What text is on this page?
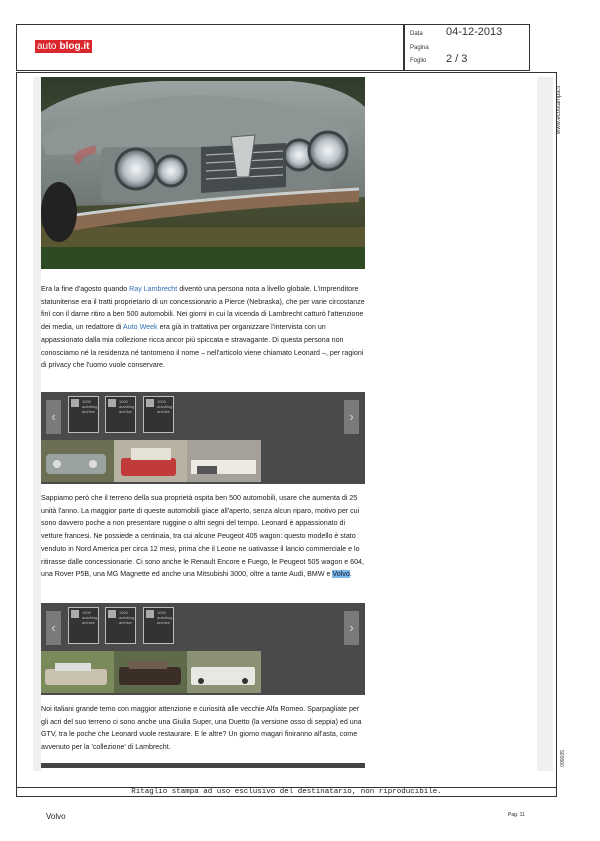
auto blog.it
Data 04-12-2013
Pagina
Foglio 2 / 3
www.ecostampa.it
099035
Era la fine d'agosto quando Ray Lambrecht diventò una persona nota a livello globale. L'imprenditore statunitense era il tratti proprietario di un concessionario a Pierce (Nebraska), che per varie circostanze finì con il darne ritiro a ben 500 automobili. Nei giorni in cui la vicenda di Lambrecht catturò l'attenzione dei media, un redattore di Auto Week era già in trattativa per organizzare l'intervista con un appassionato dalla mia collezione ricca ancor più spiccata e stravagante. Di questa persona non conosciamo né la residenza né tantomeno il nome – nell'articolo viene chiamato Leonard –, per ragioni di privacy che l'uomo vuole conservare.
‹	›
1000
autoblog
archive
1000
autoblog
archive
1000
autoblog
archive
Sappiamo però che il terreno della sua proprietà ospita ben 500 automobili, usare che aumenta di 25 unità l'anno. La maggior parte di queste automobili giace all'aperto, senza alcun riparo, motivo per cui sono davvero poche a non presentare ruggine o altri segni del tempo. Leonard è appassionato di vetture francesi. Ne possiede a centinaia, tra cui alcune Peugeot 405 wagon: questo modello è stato venduto in Nord America per circa 12 mesi, prima che il Leone ne uativasse il lancio commerciale e lo ritirasse dalle concessionarie. Ci sono anche le Renault Encore e Fuego, le Peugeot 505 wagon e 604, una Rover P5B, una MG Magnette ed anche una Mitsubishi 3000, oltre a tante Audi, BMW e Volvo.
‹	›
1000
autoblog
archive
1000
autoblog
archive
1000
autoblog
archive
Noi italiani grande temo con maggior attenzione e curiosità alle vecchie Alfa Romeo. Sparpagliate per gli acri del suo terreno ci sono anche una Giulia Super, una Duetto (la versione osso di seppia) ed una GTV, tra le poche che Leonard vuole restaurare. E le altre? Un giorno magari finiranno all'asta, come avvenuto per la 'collezione' di Lambrecht.
Ritaglio stampa ad uso esclusivo del destinatario, non riproducibile.
Volvo	Pag. 11
